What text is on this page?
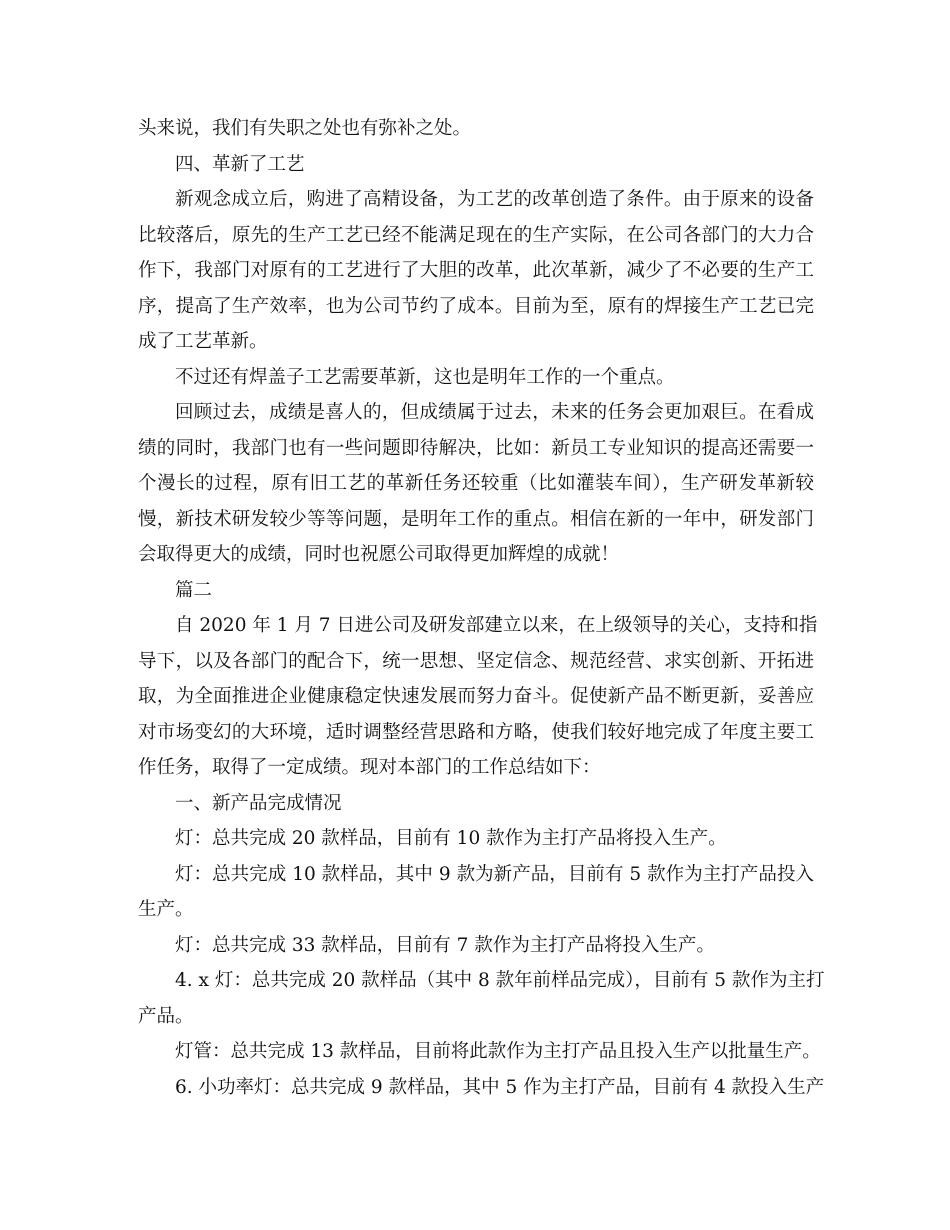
头来说，我们有失职之处也有弥补之处。
四、革新了工艺
新观念成立后，购进了高精设备，为工艺的改革创造了条件。由于原来的设备
比较落后，原先的生产工艺已经不能满足现在的生产实际，在公司各部门的大力合
作下，我部门对原有的工艺进行了大胆的改革，此次革新，减少了不必要的生产工
序，提高了生产效率，也为公司节约了成本。目前为至，原有的焊接生产工艺已完
成了工艺革新。
不过还有焊盖子工艺需要革新，这也是明年工作的一个重点。
回顾过去，成绩是喜人的，但成绩属于过去，未来的任务会更加艰巨。在看成
绩的同时，我部门也有一些问题即待解决，比如：新员工专业知识的提高还需要一
个漫长的过程，原有旧工艺的革新任务还较重（比如灌装车间），生产研发革新较
慢，新技术研发较少等等问题，是明年工作的重点。相信在新的一年中，研发部门
会取得更大的成绩，同时也祝愿公司取得更加辉煌的成就！
篇二
自 2020 年 1 月 7 日进公司及研发部建立以来，在上级领导的关心，支持和指
导下，以及各部门的配合下，统一思想、坚定信念、规范经营、求实创新、开拓进
取，为全面推进企业健康稳定快速发展而努力奋斗。促使新产品不断更新，妥善应
对市场变幻的大环境，适时调整经营思路和方略，使我们较好地完成了年度主要工
作任务，取得了一定成绩。现对本部门的工作总结如下：
一、新产品完成情况
灯：总共完成 20 款样品，目前有 10 款作为主打产品将投入生产。
灯：总共完成 10 款样品，其中 9 款为新产品，目前有 5 款作为主打产品投入
生产。
灯：总共完成 33 款样品，目前有 7 款作为主打产品将投入生产。
4. x 灯：总共完成 20 款样品（其中 8 款年前样品完成），目前有 5 款作为主打
产品。
灯管：总共完成 13 款样品，目前将此款作为主打产品且投入生产以批量生产。
6. 小功率灯：总共完成 9 款样品，其中 5 作为主打产品，目前有 4 款投入生产
